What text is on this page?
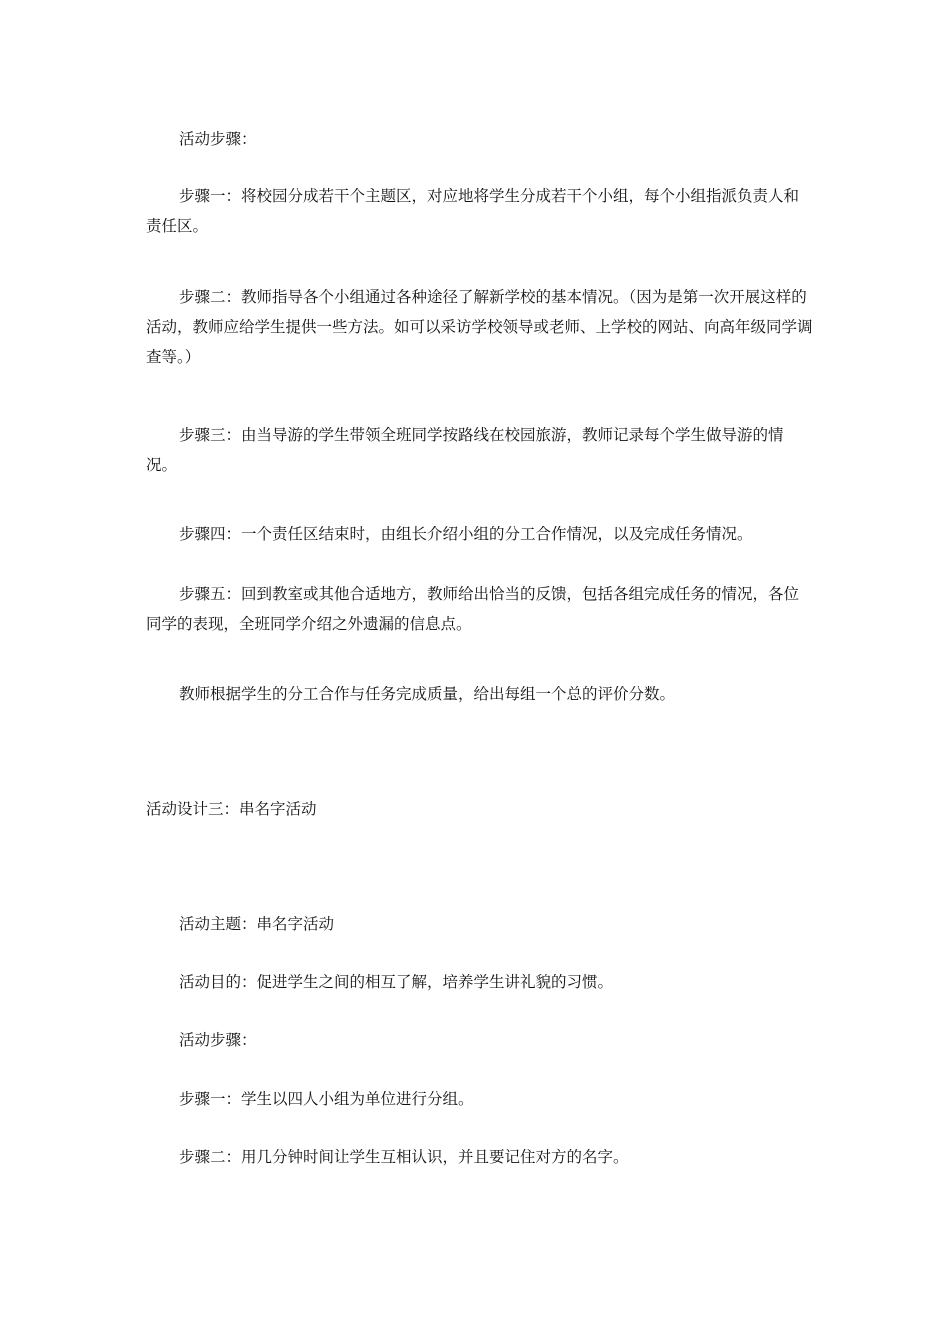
活动步骤：

步骤一：将校园分成若干个主题区，对应地将学生分成若干个小组，每个小组指派负责人和责任区。

步骤二：教师指导各个小组通过各种途径了解新学校的基本情况。（因为是第一次开展这样的活动，教师应给学生提供一些方法。如可以采访学校领导或老师、上学校的网站、向高年级同学调查等。）

步骤三：由当导游的学生带领全班同学按路线在校园旅游，教师记录每个学生做导游的情况。

步骤四：一个责任区结束时，由组长介绍小组的分工合作情况，以及完成任务情况。

步骤五：回到教室或其他合适地方，教师给出恰当的反馈，包括各组完成任务的情况，各位同学的表现，全班同学介绍之外遗漏的信息点。

教师根据学生的分工合作与任务完成质量，给出每组一个总的评价分数。

活动设计三：串名字活动

活动主题：串名字活动

活动目的：促进学生之间的相互了解，培养学生讲礼貌的习惯。

活动步骤：

步骤一：学生以四人小组为单位进行分组。

步骤二：用几分钟时间让学生互相认识，并且要记住对方的名字。
